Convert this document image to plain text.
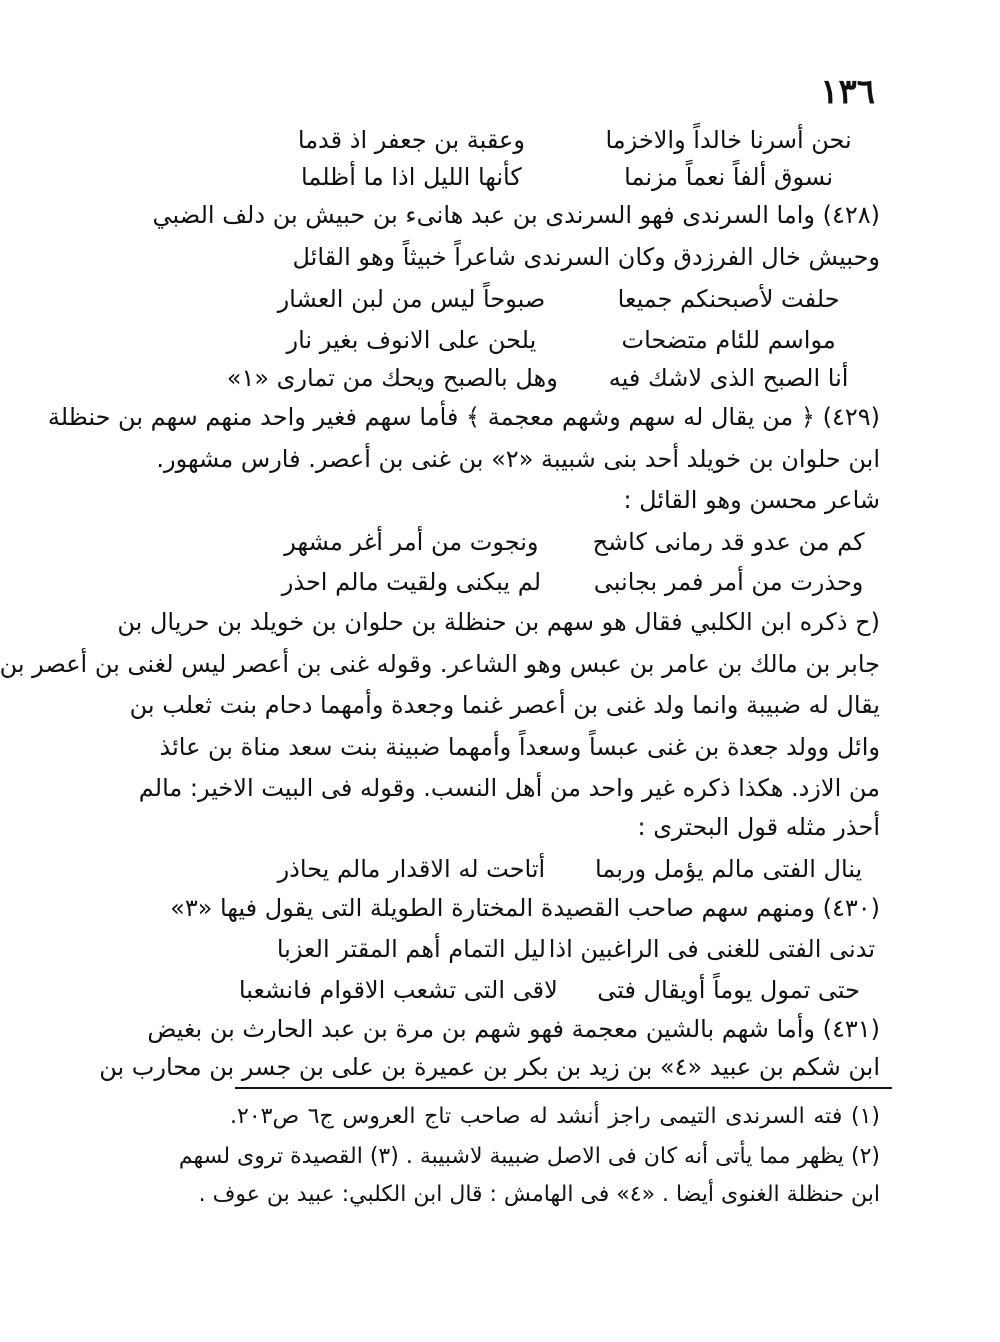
١٣٦
نحن أسرنا خالداً والاخزما
وعقبة بن جعفر اذ قدما
نسوق ألفاً نعماً مزنما
كأنها الليل اذا ما أظلما
(٤٢٨) واما السرندى فهو السرندى بن عبد هانىء بن حبيش بن دلف الضبي
وحبيش خال الفرزدق وكان السرندى شاعراً خبيثاً وهو القائل
حلفت لأصبحنكم جميعا
صبوحاً ليس من لبن العشار
مواسم للئام متضحات
يلحن على الانوف بغير نار
أنا الصبح الذى لاشك فيه
وهل بالصبح ويحك من تمارى «١»
(٤٢٩) ﴿ من يقال له سهم وشهم معجمة ﴾ فأما سهم فغير واحد منهم سهم بن حنظلة
ابن حلوان بن خويلد أحد بنى شبيبة «٢» بن غنى بن أعصر. فارس مشهور.
شاعر محسن وهو القائل :
كم من عدو قد رمانى كاشح
ونجوت من أمر أغر مشهر
وحذرت من أمر فمر بجانبى
لم يبكنى ولقيت مالم احذر
(ح ذكره ابن الكلبي فقال هو سهم بن حنظلة بن حلوان بن خويلد بن حريال بن
جابر بن مالك بن عامر بن عبس وهو الشاعر. وقوله غنى بن أعصر ليس لغنى بن أعصر بن
يقال له ضبيبة وانما ولد غنى بن أعصر غنما وجعدة وأمهما دحام بنت ثعلب بن
وائل وولد جعدة بن غنى عبساً وسعداً وأمهما ضبينة بنت سعد مناة بن عائذ
من الازد. هكذا ذكره غير واحد من أهل النسب. وقوله فى البيت الاخير: مالم
أحذر مثله قول البحترى :
ينال الفتى مالم يؤمل وربما
أتاحت له الاقدار مالم يحاذر
(٤٣٠) ومنهم سهم صاحب القصيدة المختارة الطويلة التى يقول فيها «٣»
تدنى الفتى للغنى فى الراغبين اذا
ليل التمام أهم المقتر العزبا
حتى تمول يوماً أويقال فتى
لاقى التى تشعب الاقوام فانشعبا
(٤٣١) وأما شهم بالشين معجمة فهو شهم بن مرة بن عبد الحارث بن بغيض
ابن شكم بن عبيد «٤» بن زيد بن بكر بن عميرة بن على بن جسر بن محارب بن
(١) فته السرندى التيمى راجز أنشد له صاحب تاج العروس ج٦ ص٢٠٣.
(٢) يظهر مما يأتى أنه كان فى الاصل ضبيبة لاشبيبة . (٣) القصيدة تروى لسهم
ابن حنظلة الغنوى أيضا . «٤» فى الهامش : قال ابن الكلبي: عبيد بن عوف .
